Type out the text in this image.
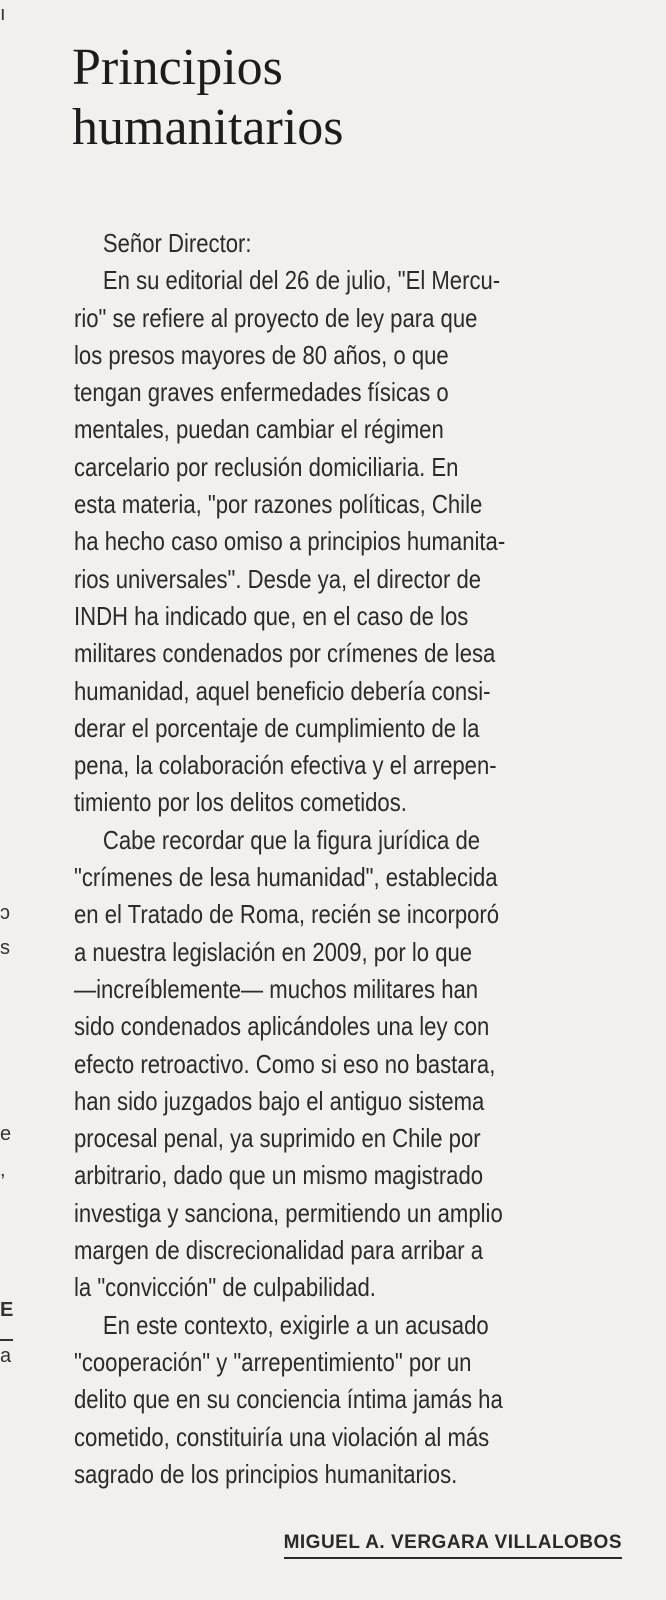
ı
ɔ
s
e
,
E
a
Principios
humanitarios

Señor Director:

En su editorial del 26 de julio, "El Mercu-
rio" se refiere al proyecto de ley para que
los presos mayores de 80 años, o que
tengan graves enfermedades físicas o
mentales, puedan cambiar el régimen
carcelario por reclusión domiciliaria. En
esta materia, "por razones políticas, Chile
ha hecho caso omiso a principios humanita-
rios universales". Desde ya, el director de
INDH ha indicado que, en el caso de los
militares condenados por crímenes de lesa
humanidad, aquel beneficio debería consi-
derar el porcentaje de cumplimiento de la
pena, la colaboración efectiva y el arrepen-
timiento por los delitos cometidos.

Cabe recordar que la figura jurídica de
"crímenes de lesa humanidad", establecida
en el Tratado de Roma, recién se incorporó
a nuestra legislación en 2009, por lo que
—increíblemente— muchos militares han
sido condenados aplicándoles una ley con
efecto retroactivo. Como si eso no bastara,
han sido juzgados bajo el antiguo sistema
procesal penal, ya suprimido en Chile por
arbitrario, dado que un mismo magistrado
investiga y sanciona, permitiendo un amplio
margen de discrecionalidad para arribar a
la "convicción" de culpabilidad.

En este contexto, exigirle a un acusado
"cooperación" y "arrepentimiento" por un
delito que en su conciencia íntima jamás ha
cometido, constituiría una violación al más
sagrado de los principios humanitarios.

MIGUEL A. VERGARA VILLALOBOS
